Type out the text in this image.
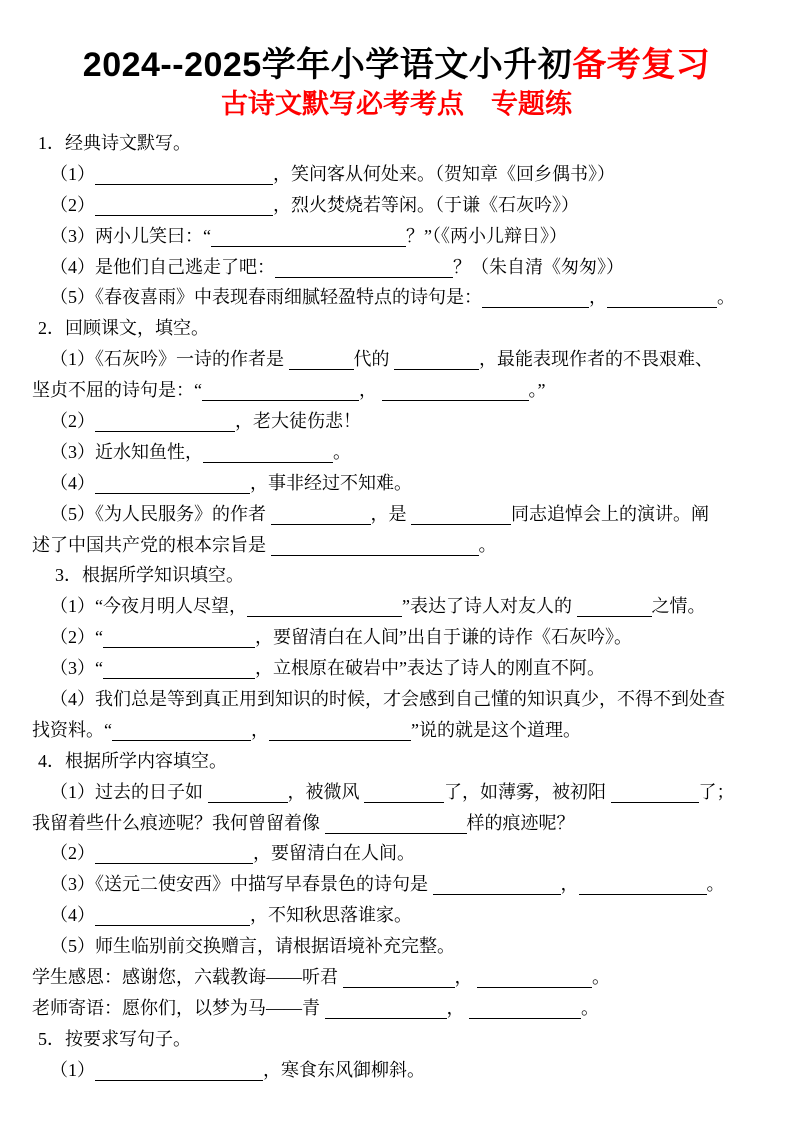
2024--2025学年小学语文小升初备考复习
古诗文默写必考考点　专题练
1．经典诗文默写。
（1）	，笑问客从何处来。（贺知章《回乡偶书》）
（2）	，烈火焚烧若等闲。（于谦《石灰吟》）
（3）两小儿笑曰：“	？”（《两小儿辩日》）
（4）是他们自己逃走了吧：	？（朱自清《匆匆》）
（5）《春夜喜雨》中表现春雨细腻轻盈特点的诗句是：	，	。
2．回顾课文，填空。
（1）《石灰吟》一诗的作者是	代的	，最能表现作者的不畏艰难、
坚贞不屈的诗句是：“	，	。”
（2）	，老大徒伤悲！
（3）近水知鱼性，	。
（4）	，事非经过不知难。
（5）《为人民服务》的作者	，是	同志追悼会上的演讲。阐
述了中国共产党的根本宗旨是	。
3．根据所学知识填空。
（1）“今夜月明人尽望，	”表达了诗人对友人的	之情。
（2）“	，要留清白在人间”出自于谦的诗作《石灰吟》。
（3）“	，立根原在破岩中”表达了诗人的刚直不阿。
（4）我们总是等到真正用到知识的时候，才会感到自己懂的知识真少，不得不到处查
找资料。“	，	”说的就是这个道理。
4．根据所学内容填空。
（1）过去的日子如	，被微风	了，如薄雾，被初阳	了；
我留着些什么痕迹呢？我何曾留着像	样的痕迹呢？
（2）	，要留清白在人间。
（3）《送元二使安西》中描写早春景色的诗句是	，	。
（4）	，不知秋思落谁家。
（5）师生临别前交换赠言，请根据语境补充完整。
学生感恩：感谢您，六载教诲——听君	，	。
老师寄语：愿你们，以梦为马——青	，	。
5．按要求写句子。
（1）	，寒食东风御柳斜。
